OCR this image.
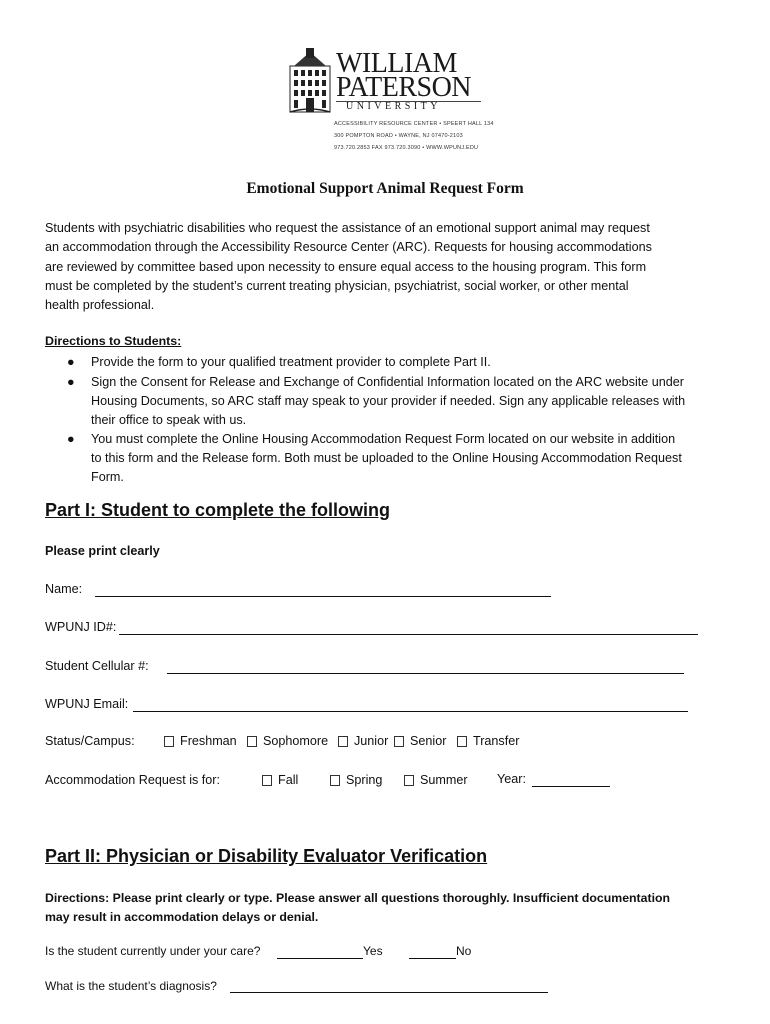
WILLIAM
PATERSON
UNIVERSITY
ACCESSIBILITY RESOURCE CENTER • SPEERT HALL 134
300 POMPTON ROAD • WAYNE, NJ 07470-2103
973.720.2853 FAX 973.720.3090 • WWW.WPUNJ.EDU
Emotional Support Animal Request Form
Students with psychiatric disabilities who request the assistance of an emotional support animal may request
an accommodation through the Accessibility Resource Center (ARC). Requests for housing accommodations
are reviewed by committee based upon necessity to ensure equal access to the housing program. This form
must be completed by the student’s current treating physician, psychiatrist, social worker, or other mental
health professional.
Directions to Students:
● Provide the form to your qualified treatment provider to complete Part II.
● Sign the Consent for Release and Exchange of Confidential Information located on the ARC website under
Housing Documents, so ARC staff may speak to your provider if needed. Sign any applicable releases with
their office to speak with us.
● You must complete the Online Housing Accommodation Request Form located on our website in addition
to this form and the Release form. Both must be uploaded to the Online Housing Accommodation Request
Form.
Part I: Student to complete the following
Please print clearly
Name:
WPUNJ ID#:
Student Cellular #:
WPUNJ Email:
Status/Campus:	Freshman Sophomore Junior Senior Transfer
Accommodation Request is for:	Fall	Spring	Summer Year:
Part II: Physician or Disability Evaluator Verification
Directions: Please print clearly or type. Please answer all questions thoroughly. Insufficient documentation
may result in accommodation delays or denial.
Is the student currently under your care?	Yes	No
What is the student’s diagnosis?
